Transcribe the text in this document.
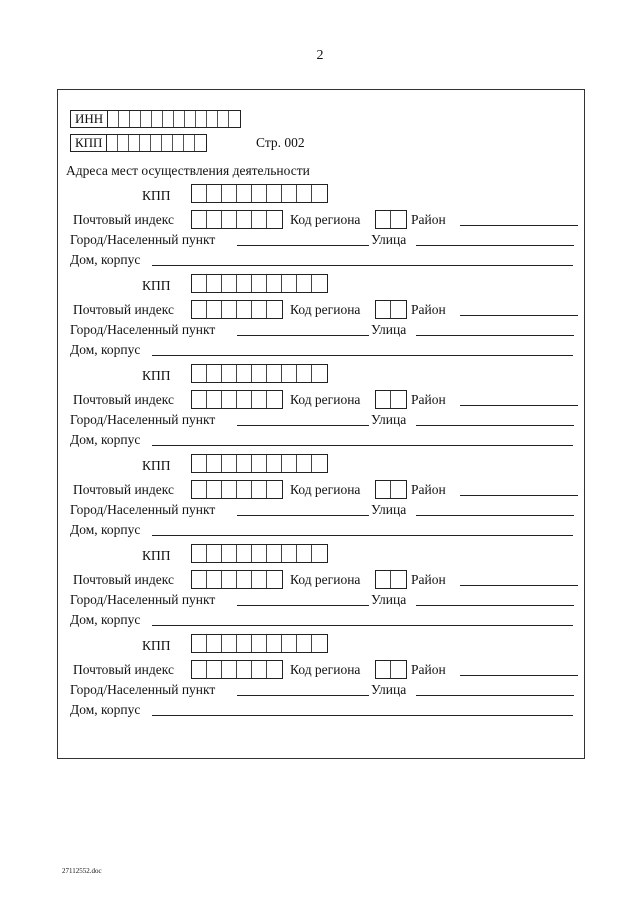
2
ИНН
КПП	Стр. 002
Адреса мест осуществления деятельности
КПП
Почтовый индекс	Код региона	Район
Город/Населенный пункт	Улица
Дом, корпус
КПП
Почтовый индекс	Код региона	Район
Город/Населенный пункт	Улица
Дом, корпус
КПП
Почтовый индекс	Код региона	Район
Город/Населенный пункт	Улица
Дом, корпус
КПП
Почтовый индекс	Код региона	Район
Город/Населенный пункт	Улица
Дом, корпус
КПП
Почтовый индекс	Код региона	Район
Город/Населенный пункт	Улица
Дом, корпус
КПП
Почтовый индекс	Код региона	Район
Город/Населенный пункт	Улица
Дом, корпус
27112552.doc
